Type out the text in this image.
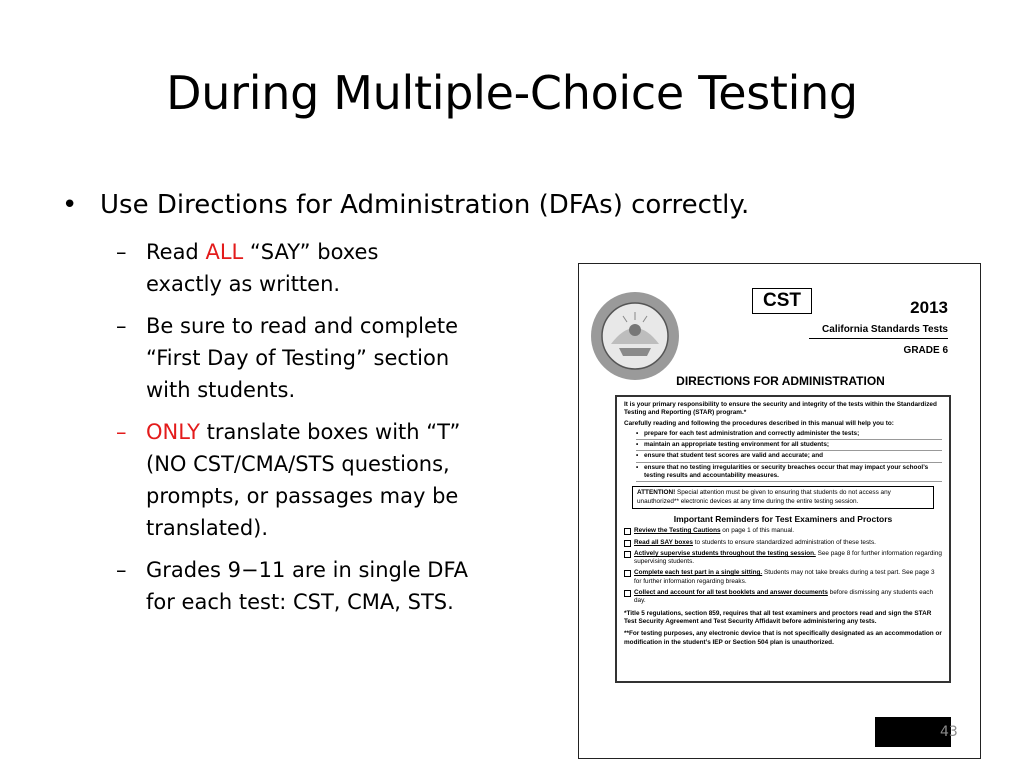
During Multiple-Choice Testing
• Use Directions for Administration (DFAs) correctly.
– Read ALL “SAY” boxes exactly as written.
– Be sure to read and complete “First Day of Testing” section with students.
– ONLY translate boxes with “T” (NO CST/CMA/STS questions, prompts, or passages may be translated).
– Grades 9−11 are in single DFA for each test: CST, CMA, STS.
CST	2013
California Standards Tests
GRADE 6
DIRECTIONS FOR ADMINISTRATION

It is your primary responsibility to ensure the security and integrity of the tests within the Standardized Testing and Reporting (STAR) program.*

Carefully reading and following the procedures described in this manual will help you to:

• prepare for each test administration and correctly administer the tests;
• maintain an appropriate testing environment for all students;
• ensure that student test scores are valid and accurate; and
• ensure that no testing irregularities or security breaches occur that may impact your school’s testing results and accountability measures.
ATTENTION! Special attention must be given to ensuring that students do not access any unauthorized** electronic devices at any time during the entire testing session.
Important Reminders for Test Examiners and Proctors
Review the Testing Cautions on page 1 of this manual.
Read all SAY boxes to students to ensure standardized administration of these tests.
Actively supervise students throughout the testing session. See page 8 for further information regarding supervising students.
Complete each test part in a single sitting. Students may not take breaks during a test part. See page 3 for further information regarding breaks.
Collect and account for all test booklets and answer documents before dismissing any students each day.
*Title 5 regulations, section 859, requires that all test examiners and proctors read and sign the STAR Test Security Agreement and Test Security Affidavit before administering any tests.
**For testing purposes, any electronic device that is not specifically designated as an accommodation or modification in the student’s IEP or Section 504 plan is unauthorized.
43
